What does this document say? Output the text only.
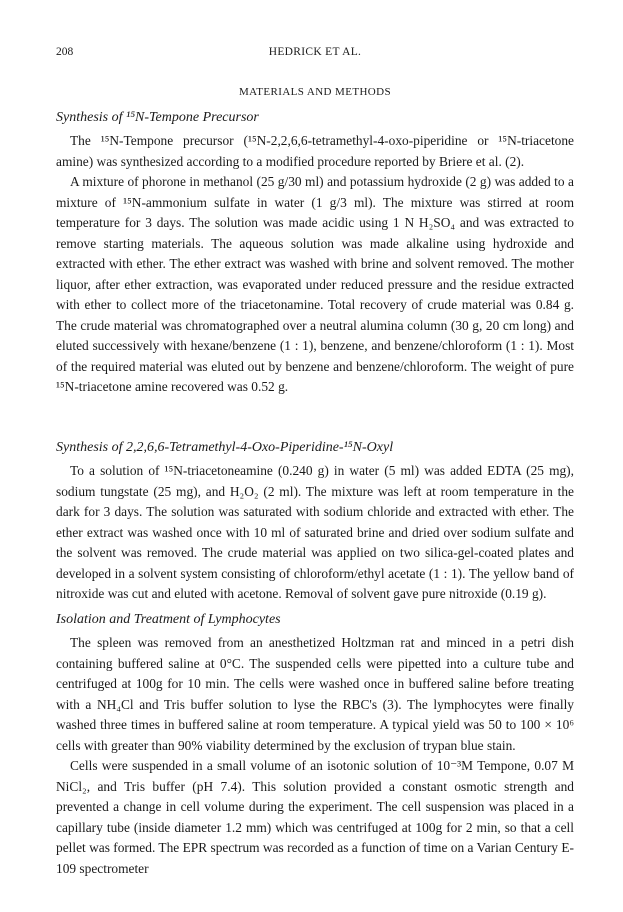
208	HEDRICK ET AL.
MATERIALS AND METHODS
Synthesis of ¹⁵N-Tempone Precursor

The ¹⁵N-Tempone precursor (¹⁵N-2,2,6,6-tetramethyl-4-oxo-piperidine or ¹⁵N-triacetone amine) was synthesized according to a modified procedure reported by Briere et al. (2).

A mixture of phorone in methanol (25 g/30 ml) and potassium hydroxide (2 g) was added to a mixture of ¹⁵N-ammonium sulfate in water (1 g/3 ml). The mixture was stirred at room temperature for 3 days. The solution was made acidic using 1 N H₂SO₄ and was extracted to remove starting materials. The aqueous solution was made alkaline using hydroxide and extracted with ether. The ether extract was washed with brine and solvent removed. The mother liquor, after ether extraction, was evaporated under reduced pressure and the residue extracted with ether to collect more of the triacetonamine. Total recovery of crude material was 0.84 g. The crude material was chromatographed over a neutral alumina column (30 g, 20 cm long) and eluted successively with hexane/benzene (1 : 1), benzene, and benzene/chloroform (1 : 1). Most of the required material was eluted out by benzene and benzene/chloroform. The weight of pure ¹⁵N-triacetone amine recovered was 0.52 g.

Synthesis of 2,2,6,6-Tetramethyl-4-Oxo-Piperidine-¹⁵N-Oxyl

To a solution of ¹⁵N-triacetoneamine (0.240 g) in water (5 ml) was added EDTA (25 mg), sodium tungstate (25 mg), and H₂O₂ (2 ml). The mixture was left at room temperature in the dark for 3 days. The solution was saturated with sodium chloride and extracted with ether. The ether extract was washed once with 10 ml of saturated brine and dried over sodium sulfate and the solvent was removed. The crude material was applied on two silica-gel-coated plates and developed in a solvent system consisting of chloroform/ethyl acetate (1 : 1). The yellow band of nitroxide was cut and eluted with acetone. Removal of solvent gave pure nitroxide (0.19 g).

Isolation and Treatment of Lymphocytes

The spleen was removed from an anesthetized Holtzman rat and minced in a petri dish containing buffered saline at 0°C. The suspended cells were pipetted into a culture tube and centrifuged at 100g for 10 min. The cells were washed once in buffered saline before treating with a NH₄Cl and Tris buffer solution to lyse the RBC's (3). The lymphocytes were finally washed three times in buffered saline at room temperature. A typical yield was 50 to 100 × 10⁶ cells with greater than 90% viability determined by the exclusion of trypan blue stain.

Cells were suspended in a small volume of an isotonic solution of 10⁻³M Tempone, 0.07 M NiCl₂, and Tris buffer (pH 7.4). This solution provided a constant osmotic strength and prevented a change in cell volume during the experiment. The cell suspension was placed in a capillary tube (inside diameter 1.2 mm) which was centrifuged at 100g for 2 min, so that a cell pellet was formed. The EPR spectrum was recorded as a function of time on a Varian Century E-109 spectrometer
